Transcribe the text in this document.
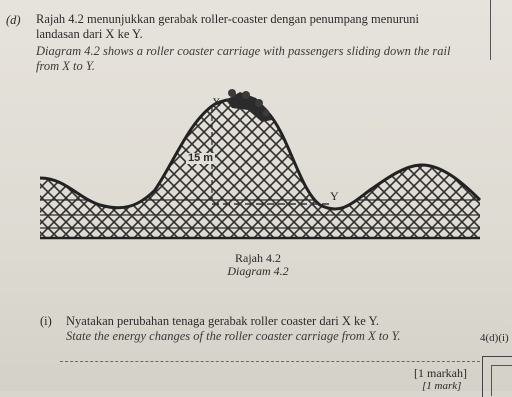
(d) Rajah 4.2 menunjukkan gerabak roller-coaster dengan penumpang menuruni
landasan dari X ke Y.
Diagram 4.2 shows a roller coaster carriage with passengers sliding down the rail
from X to Y.
X
Y
15 m
Rajah 4.2
Diagram 4.2
(i) Nyatakan perubahan tenaga gerabak roller coaster dari X ke Y.
State the energy changes of the roller coaster carriage from X to Y.	4(d)(i)
[1 markah]
[1 mark]
